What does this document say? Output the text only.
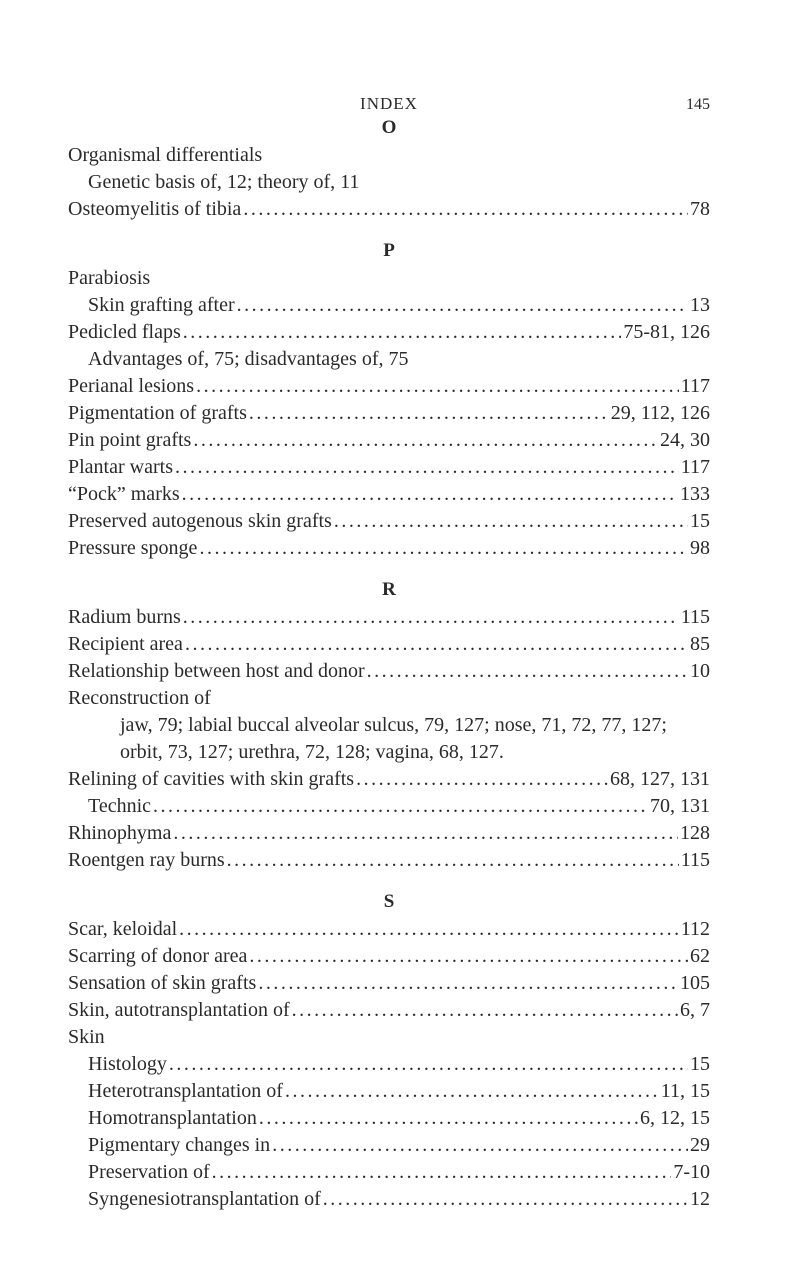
INDEX	145
O
Organismal differentials
Genetic basis of, 12; theory of, 11
Osteomyelitis of tibia .....	78
P
Parabiosis
Skin grafting after .....	13
Pedicled flaps .....	75-81, 126
Advantages of, 75; disadvantages of, 75
Perianal lesions .....	117
Pigmentation of grafts .....	29, 112, 126
Pin point grafts .....	24, 30
Plantar warts .....	117
“Pock” marks .....	133
Preserved autogenous skin grafts .....	15
Pressure sponge .....	98
R
Radium burns .....	115
Recipient area .....	85
Relationship between host and donor .....	10
Reconstruction of
jaw, 79; labial buccal alveolar sulcus, 79, 127; nose, 71, 72, 77, 127; orbit, 73, 127; urethra, 72, 128; vagina, 68, 127.
Relining of cavities with skin grafts .....	68, 127, 131
Technic .....	70, 131
Rhinophyma .....	128
Roentgen ray burns .....	115
S
Scar, keloidal .....	112
Scarring of donor area .....	62
Sensation of skin grafts .....	105
Skin, autotransplantation of .....	6, 7
Skin
Histology .....	15
Heterotransplantation of .....	11, 15
Homotransplantation .....	6, 12, 15
Pigmentary changes in .....	29
Preservation of .....	7-10
Syngenesiotransplantation of .....	12
